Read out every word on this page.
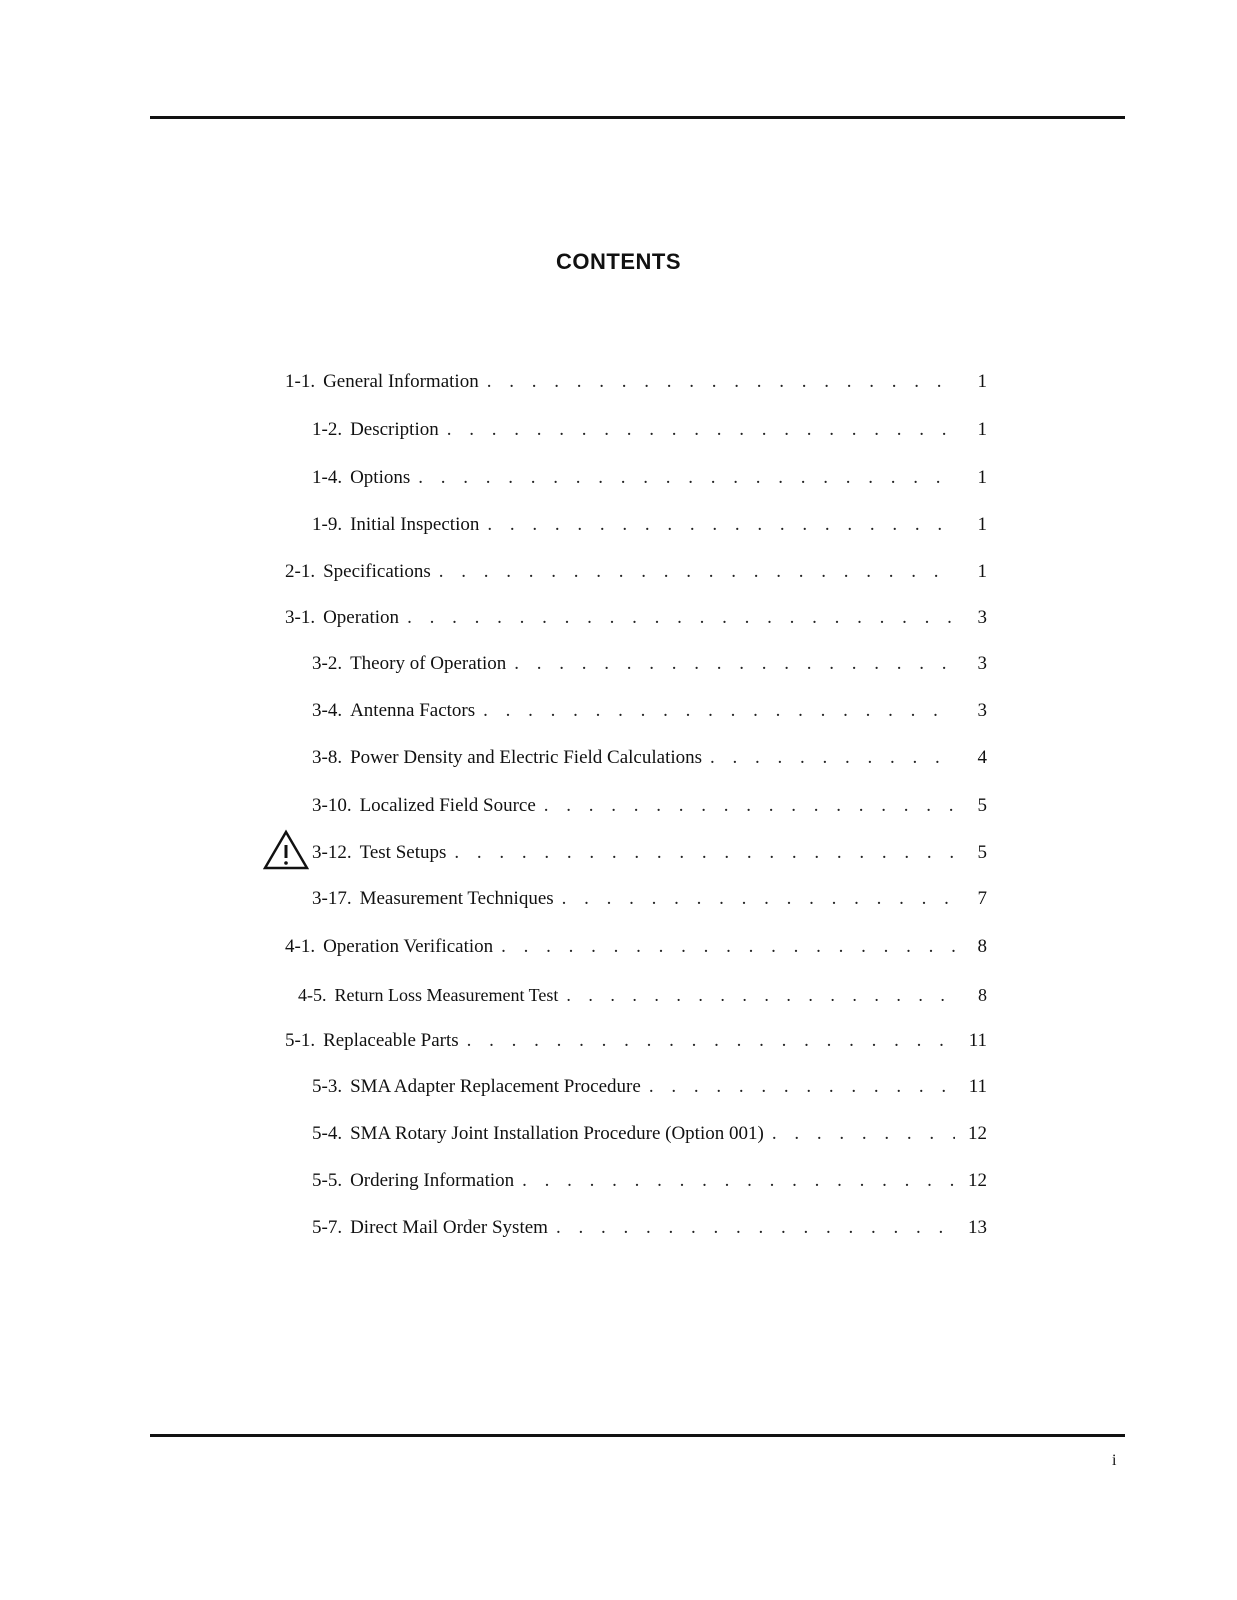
CONTENTS
1-1. General Information . . .	1
1-2. Description . . .	1
1-4. Options . . .	1
1-9. Initial Inspection . . .	1
2-1. Specifications . . .	1
3-1. Operation . . .	3
3-2. Theory of Operation . . .	3
3-4. Antenna Factors . . .	3
3-8. Power Density and Electric Field Calculations . . .	4
3-10. Localized Field Source . . .	5
3-12. Test Setups . . .	5
3-17. Measurement Techniques . . .	7
4-1. Operation Verification . . .	8
4-5. Return Loss Measurement Test . . .	8
5-1. Replaceable Parts . . .	11
5-3. SMA Adapter Replacement Procedure . . .	11
5-4. SMA Rotary Joint Installation Procedure (Option 001) . . .	12
5-5. Ordering Information . . .	12
5-7. Direct Mail Order System . . .	13
i
